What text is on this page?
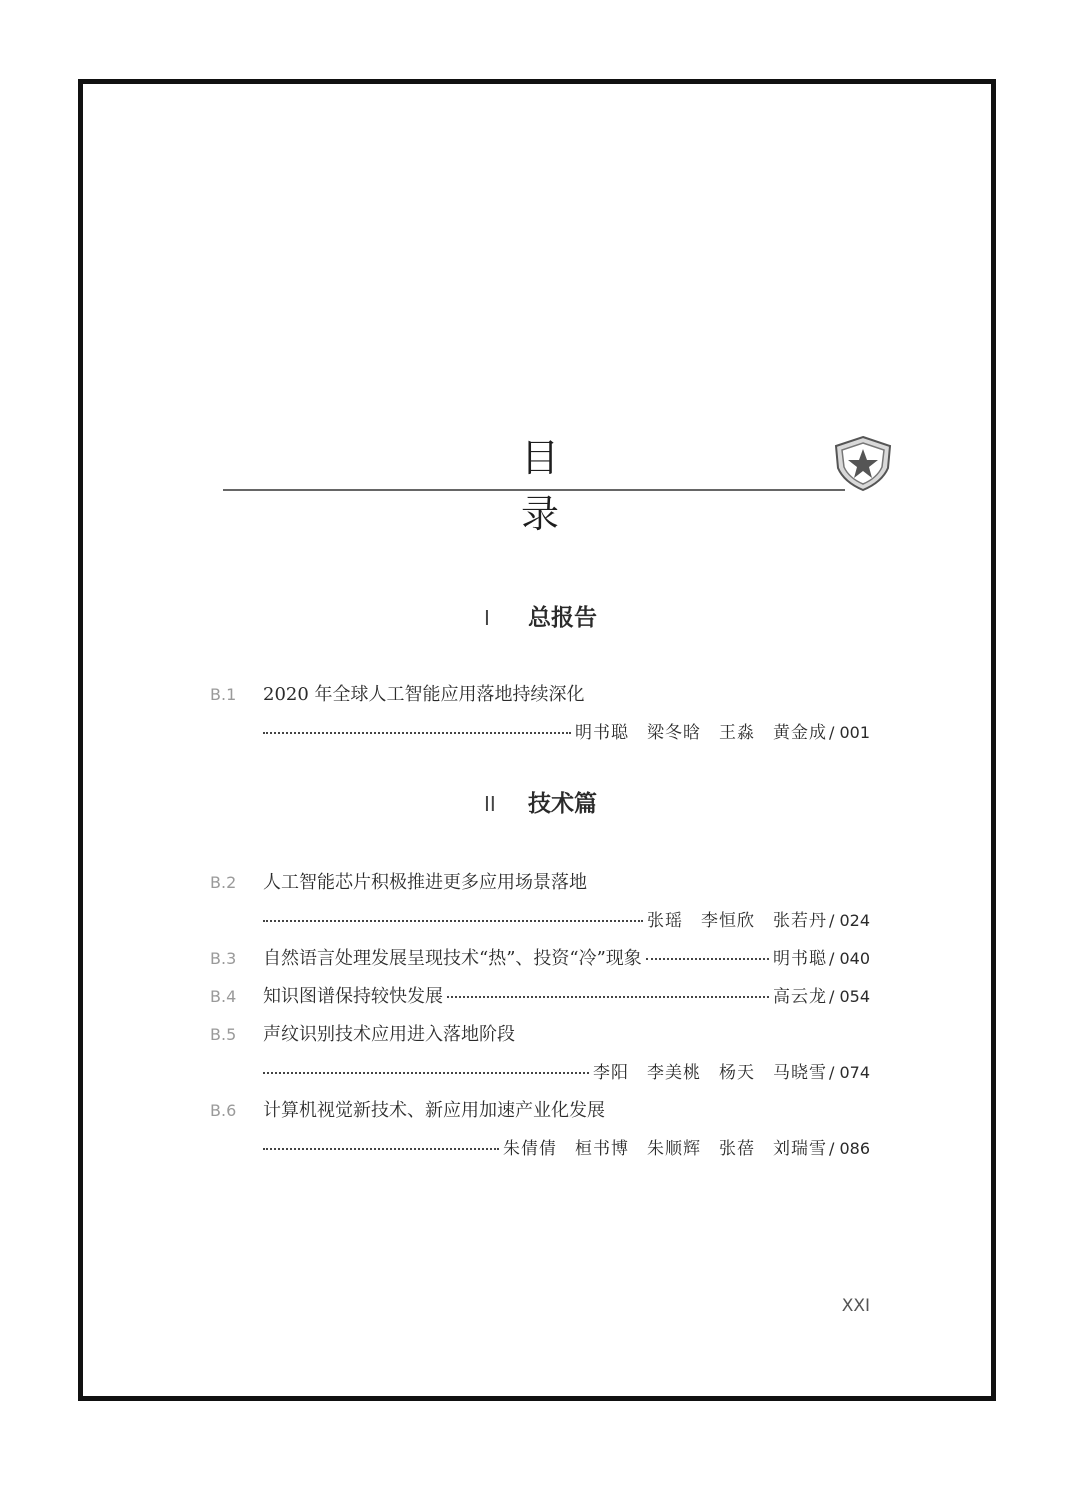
目 录
I 总报告
B.1	2020 年全球人工智能应用落地持续深化
明书聪　梁冬晗　王淼　黄金成 / 001
II 技术篇
B.2	人工智能芯片积极推进更多应用场景落地
张瑶　李恒欣　张若丹 / 024
B.3	自然语言处理发展呈现技术“热”、投资“冷”现象	明书聪 / 040
B.4	知识图谱保持较快发展	高云龙 / 054
B.5	声纹识别技术应用进入落地阶段
李阳　李美桃　杨天　马晓雪 / 074
B.6	计算机视觉新技术、新应用加速产业化发展
朱倩倩　桓书博　朱顺辉　张蓓　刘瑞雪 / 086
XXI
